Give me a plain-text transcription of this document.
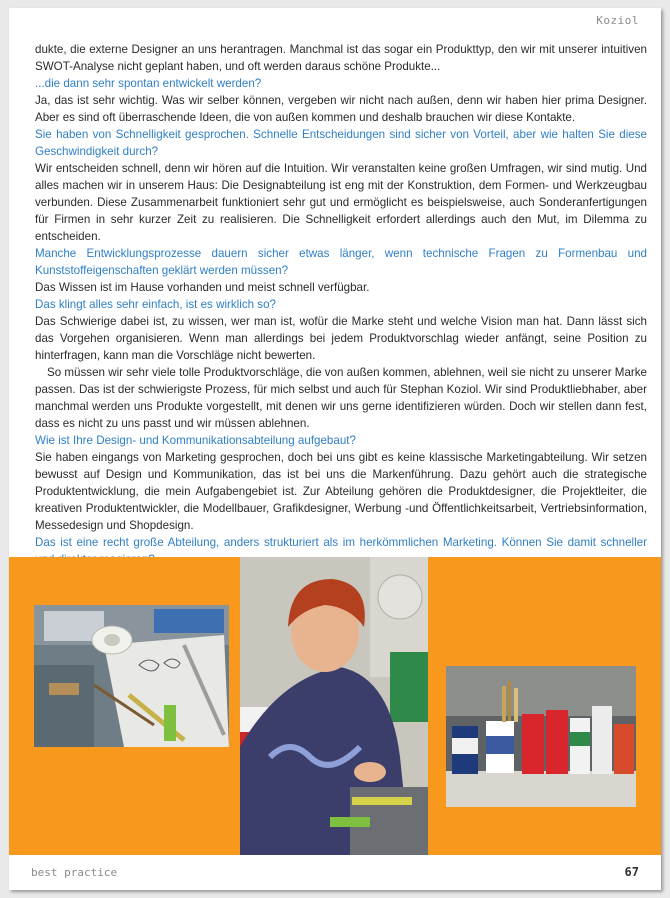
Koziol

dukte, die externe Designer an uns herantragen. Manchmal ist das sogar ein Produkttyp, den wir mit unserer intuitiven SWOT-Analyse nicht geplant haben, und oft werden daraus schöne Produkte...

...die dann sehr spontan entwickelt werden?

Ja, das ist sehr wichtig. Was wir selber können, vergeben wir nicht nach außen, denn wir haben hier prima Designer. Aber es sind oft überraschende Ideen, die von außen kommen und deshalb brauchen wir diese Kontakte.

Sie haben von Schnelligkeit gesprochen. Schnelle Entscheidungen sind sicher von Vorteil, aber wie halten Sie diese Geschwindigkeit durch?

Wir entscheiden schnell, denn wir hören auf die Intuition. Wir veranstalten keine großen Umfragen, wir sind mutig. Und alles machen wir in unserem Haus: Die Designabteilung ist eng mit der Konstruktion, dem Formen- und Werkzeugbau verbunden. Diese Zusammenarbeit funktioniert sehr gut und ermöglicht es beispielsweise, auch Sonderanfertigungen für Firmen in sehr kurzer Zeit zu realisieren. Die Schnelligkeit erfordert allerdings auch den Mut, im Dilemma zu entscheiden.

Manche Entwicklungsprozesse dauern sicher etwas länger, wenn technische Fragen zu Formenbau und Kunststoffeigenschaften geklärt werden müssen?

Das Wissen ist im Hause vorhanden und meist schnell verfügbar.

Das klingt alles sehr einfach, ist es wirklich so?

Das Schwierige dabei ist, zu wissen, wer man ist, wofür die Marke steht und welche Vision man hat. Dann lässt sich das Vorgehen organisieren. Wenn man allerdings bei jedem Produktvorschlag wieder anfängt, seine Position zu hinterfragen, kann man die Vorschläge nicht bewerten.

So müssen wir sehr viele tolle Produktvorschläge, die von außen kommen, ablehnen, weil sie nicht zu unserer Marke passen. Das ist der schwierigste Prozess, für mich selbst und auch für Stephan Koziol. Wir sind Produktliebhaber, aber manchmal werden uns Produkte vorgestellt, mit denen wir uns gerne identifizieren würden. Doch wir stellen dann fest, dass es nicht zu uns passt und wir müssen ablehnen.

Wie ist Ihre Design- und Kommunikationsabteilung aufgebaut?

Sie haben eingangs von Marketing gesprochen, doch bei uns gibt es keine klassische Marketingabteilung. Wir setzen bewusst auf Design und Kommunikation, das ist bei uns die Markenführung. Dazu gehört auch die strategische Produktentwicklung, die mein Aufgabengebiet ist. Zur Abteilung gehören die Produktdesigner, die Projektleiter, die kreativen Produktentwickler, die Modellbauer, Grafikdesigner, Werbung -und Öffentlichkeitsarbeit, Vertriebsinformation, Messedesign und Shopdesign.

Das ist eine recht große Abteilung, anders strukturiert als im herkömmlichen Marketing. Können Sie damit schneller

best practice	67
